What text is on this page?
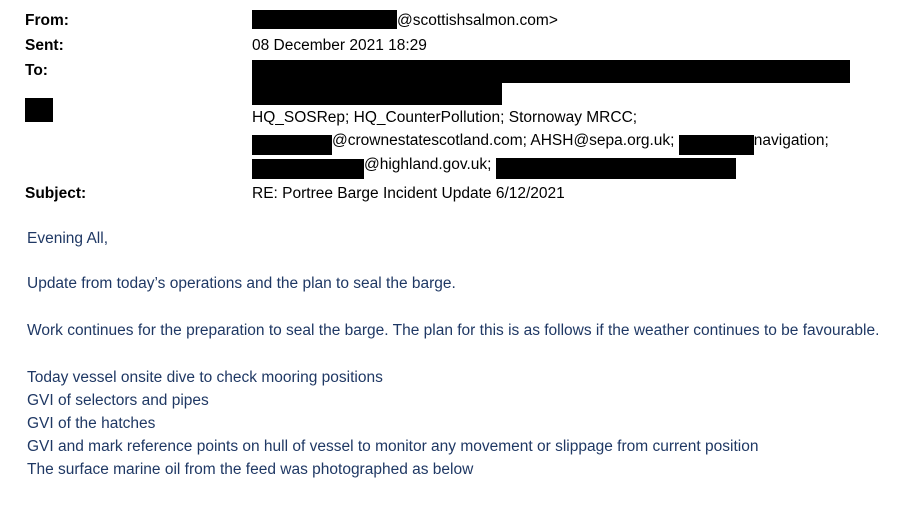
From:	@scottishsalmon.com>
Sent:	08 December 2021 18:29
To:
HQ_SOSRep; HQ_CounterPollution; Stornoway MRCC;
@crownestatescotland.com; AHSH@sepa.org.uk;	navigation;
@highland.gov.uk;
Subject:	RE: Portree Barge Incident Update 6/12/2021

Evening All,

Update from today’s operations and the plan to seal the barge.

Work continues for the preparation to seal the barge. The plan for this is as follows if the weather continues to be favourable.

Today vessel onsite dive to check mooring positions

GVI of selectors and pipes

GVI of the hatches

GVI and mark reference points on hull of vessel to monitor any movement or slippage from current position

The surface marine oil from the feed was photographed as below
